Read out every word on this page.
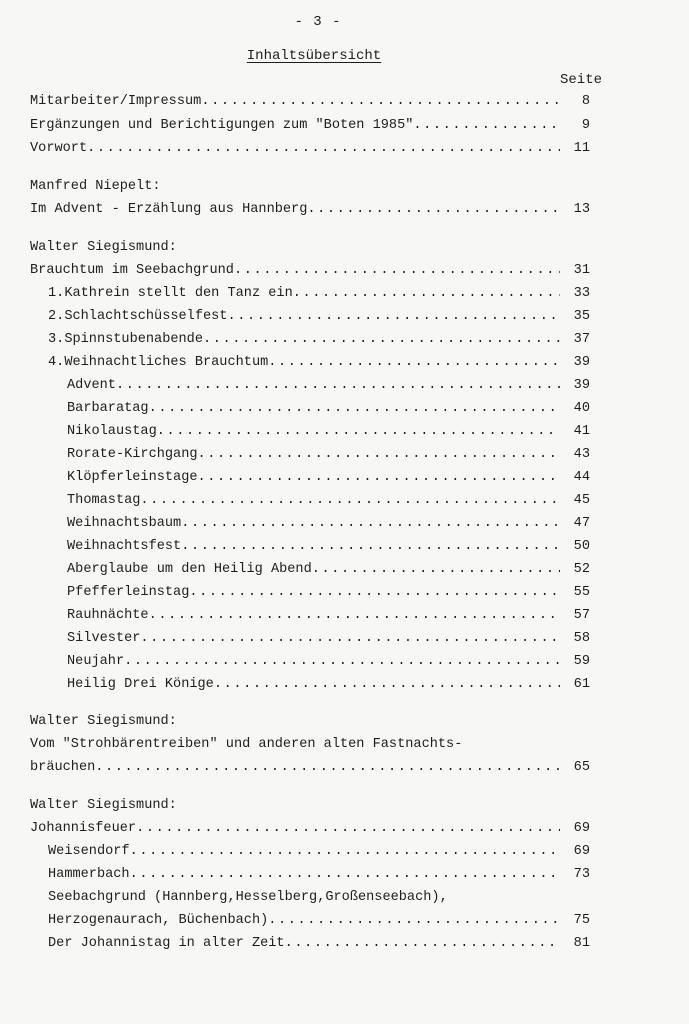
- 3 -
Inhaltsübersicht
Seite
Mitarbeiter/Impressum .....	8
Ergänzungen und Berichtigungen zum "Boten 1985" .....	9
Vorwort .....	11
Manfred Niepelt:
Im Advent - Erzählung aus Hannberg .....	13
Walter Siegismund:
Brauchtum im Seebachgrund .....	31
1.Kathrein stellt den Tanz ein .....	33
2.Schlachtschüsselfest .....	35
3.Spinnstubenabende .....	37
4.Weihnachtliches Brauchtum .....	39
Advent .....	39
Barbaratag .....	40
Nikolaustag .....	41
Rorate-Kirchgang .....	43
Klöpferleinstage .....	44
Thomastag .....	45
Weihnachtsbaum .....	47
Weihnachtsfest .....	50
Aberglaube um den Heilig Abend .....	52
Pfefferleinstag .....	55
Rauhnächte .....	57
Silvester .....	58
Neujahr .....	59
Heilig Drei Könige .....	61
Walter Siegismund:
Vom "Strohbärentreiben" und anderen alten Fastnachts-
bräuchen .....	65
Walter Siegismund:
Johannisfeuer .....	69
Weisendorf .....	69
Hammerbach .....	73
Seebachgrund (Hannberg,Hesselberg,Großenseebach),
Herzogenaurach, Büchenbach) .....	75
Der Johannistag in alter Zeit .....	81
